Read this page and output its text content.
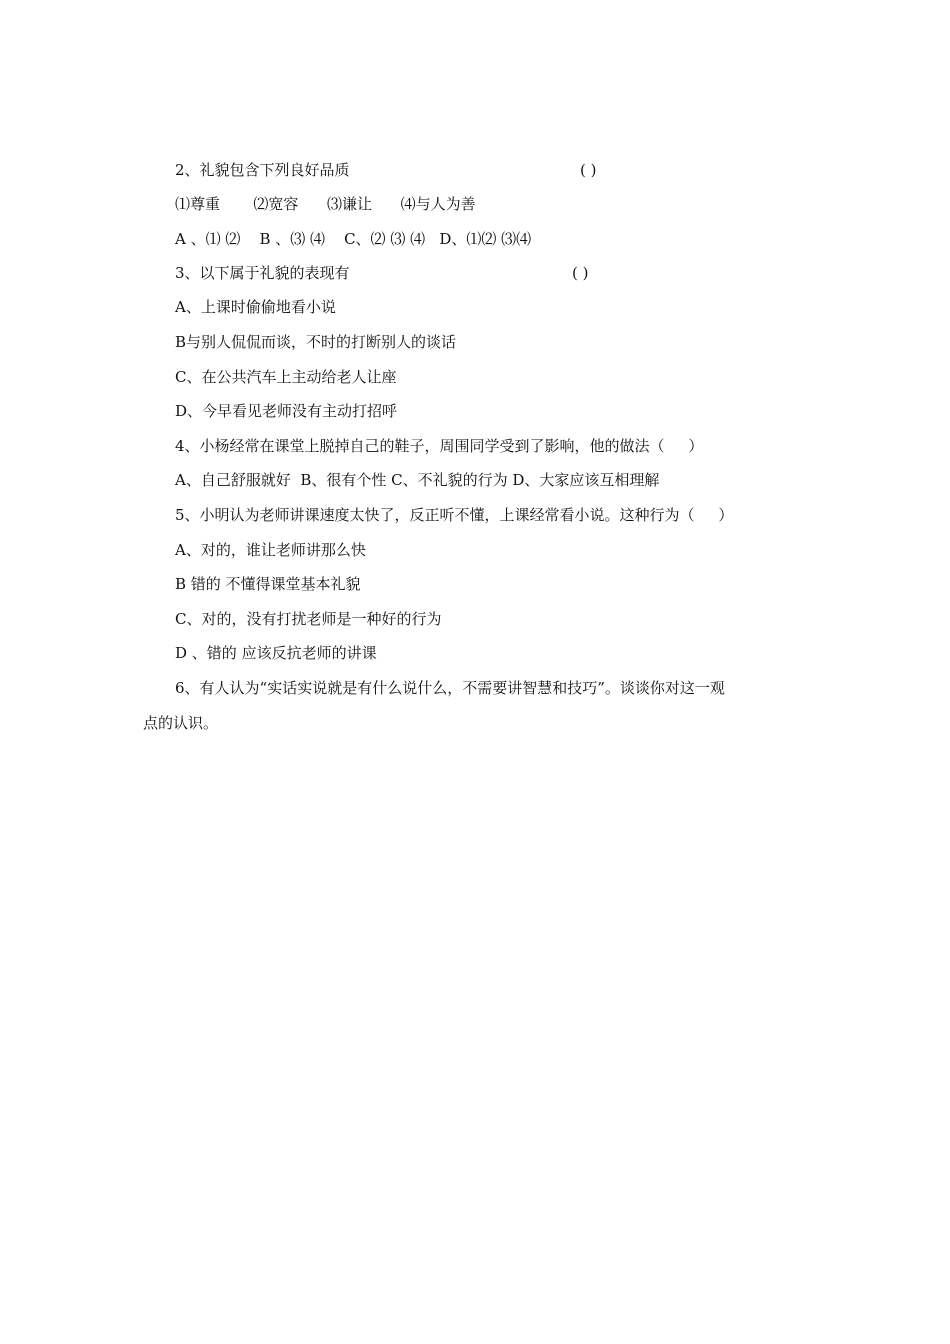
2、礼貌包含下列良好品质	( )
⑴尊重       ⑵宽容      ⑶谦让      ⑷与人为善
A 、⑴ ⑵    B 、⑶ ⑷    C、⑵ ⑶ ⑷   D、⑴⑵ ⑶⑷
3、以下属于礼貌的表现有	( )
A、上课时偷偷地看小说
B与别人侃侃而谈，不时的打断别人的谈话
C、在公共汽车上主动给老人让座
D、今早看见老师没有主动打招呼
4、小杨经常在课堂上脱掉自己的鞋子，周围同学受到了影响，他的做法（     ）
A、自己舒服就好  B、很有个性 C、不礼貌的行为 D、大家应该互相理解
5、小明认为老师讲课速度太快了，反正听不懂，上课经常看小说。这种行为（     ）
A、对的，谁让老师讲那么快
B 错的 不懂得课堂基本礼貌
C、对的，没有打扰老师是一种好的行为
D 、错的 应该反抗老师的讲课
6、有人认为“实话实说就是有什么说什么，不需要讲智慧和技巧”。谈谈你对这一观
点的认识。
